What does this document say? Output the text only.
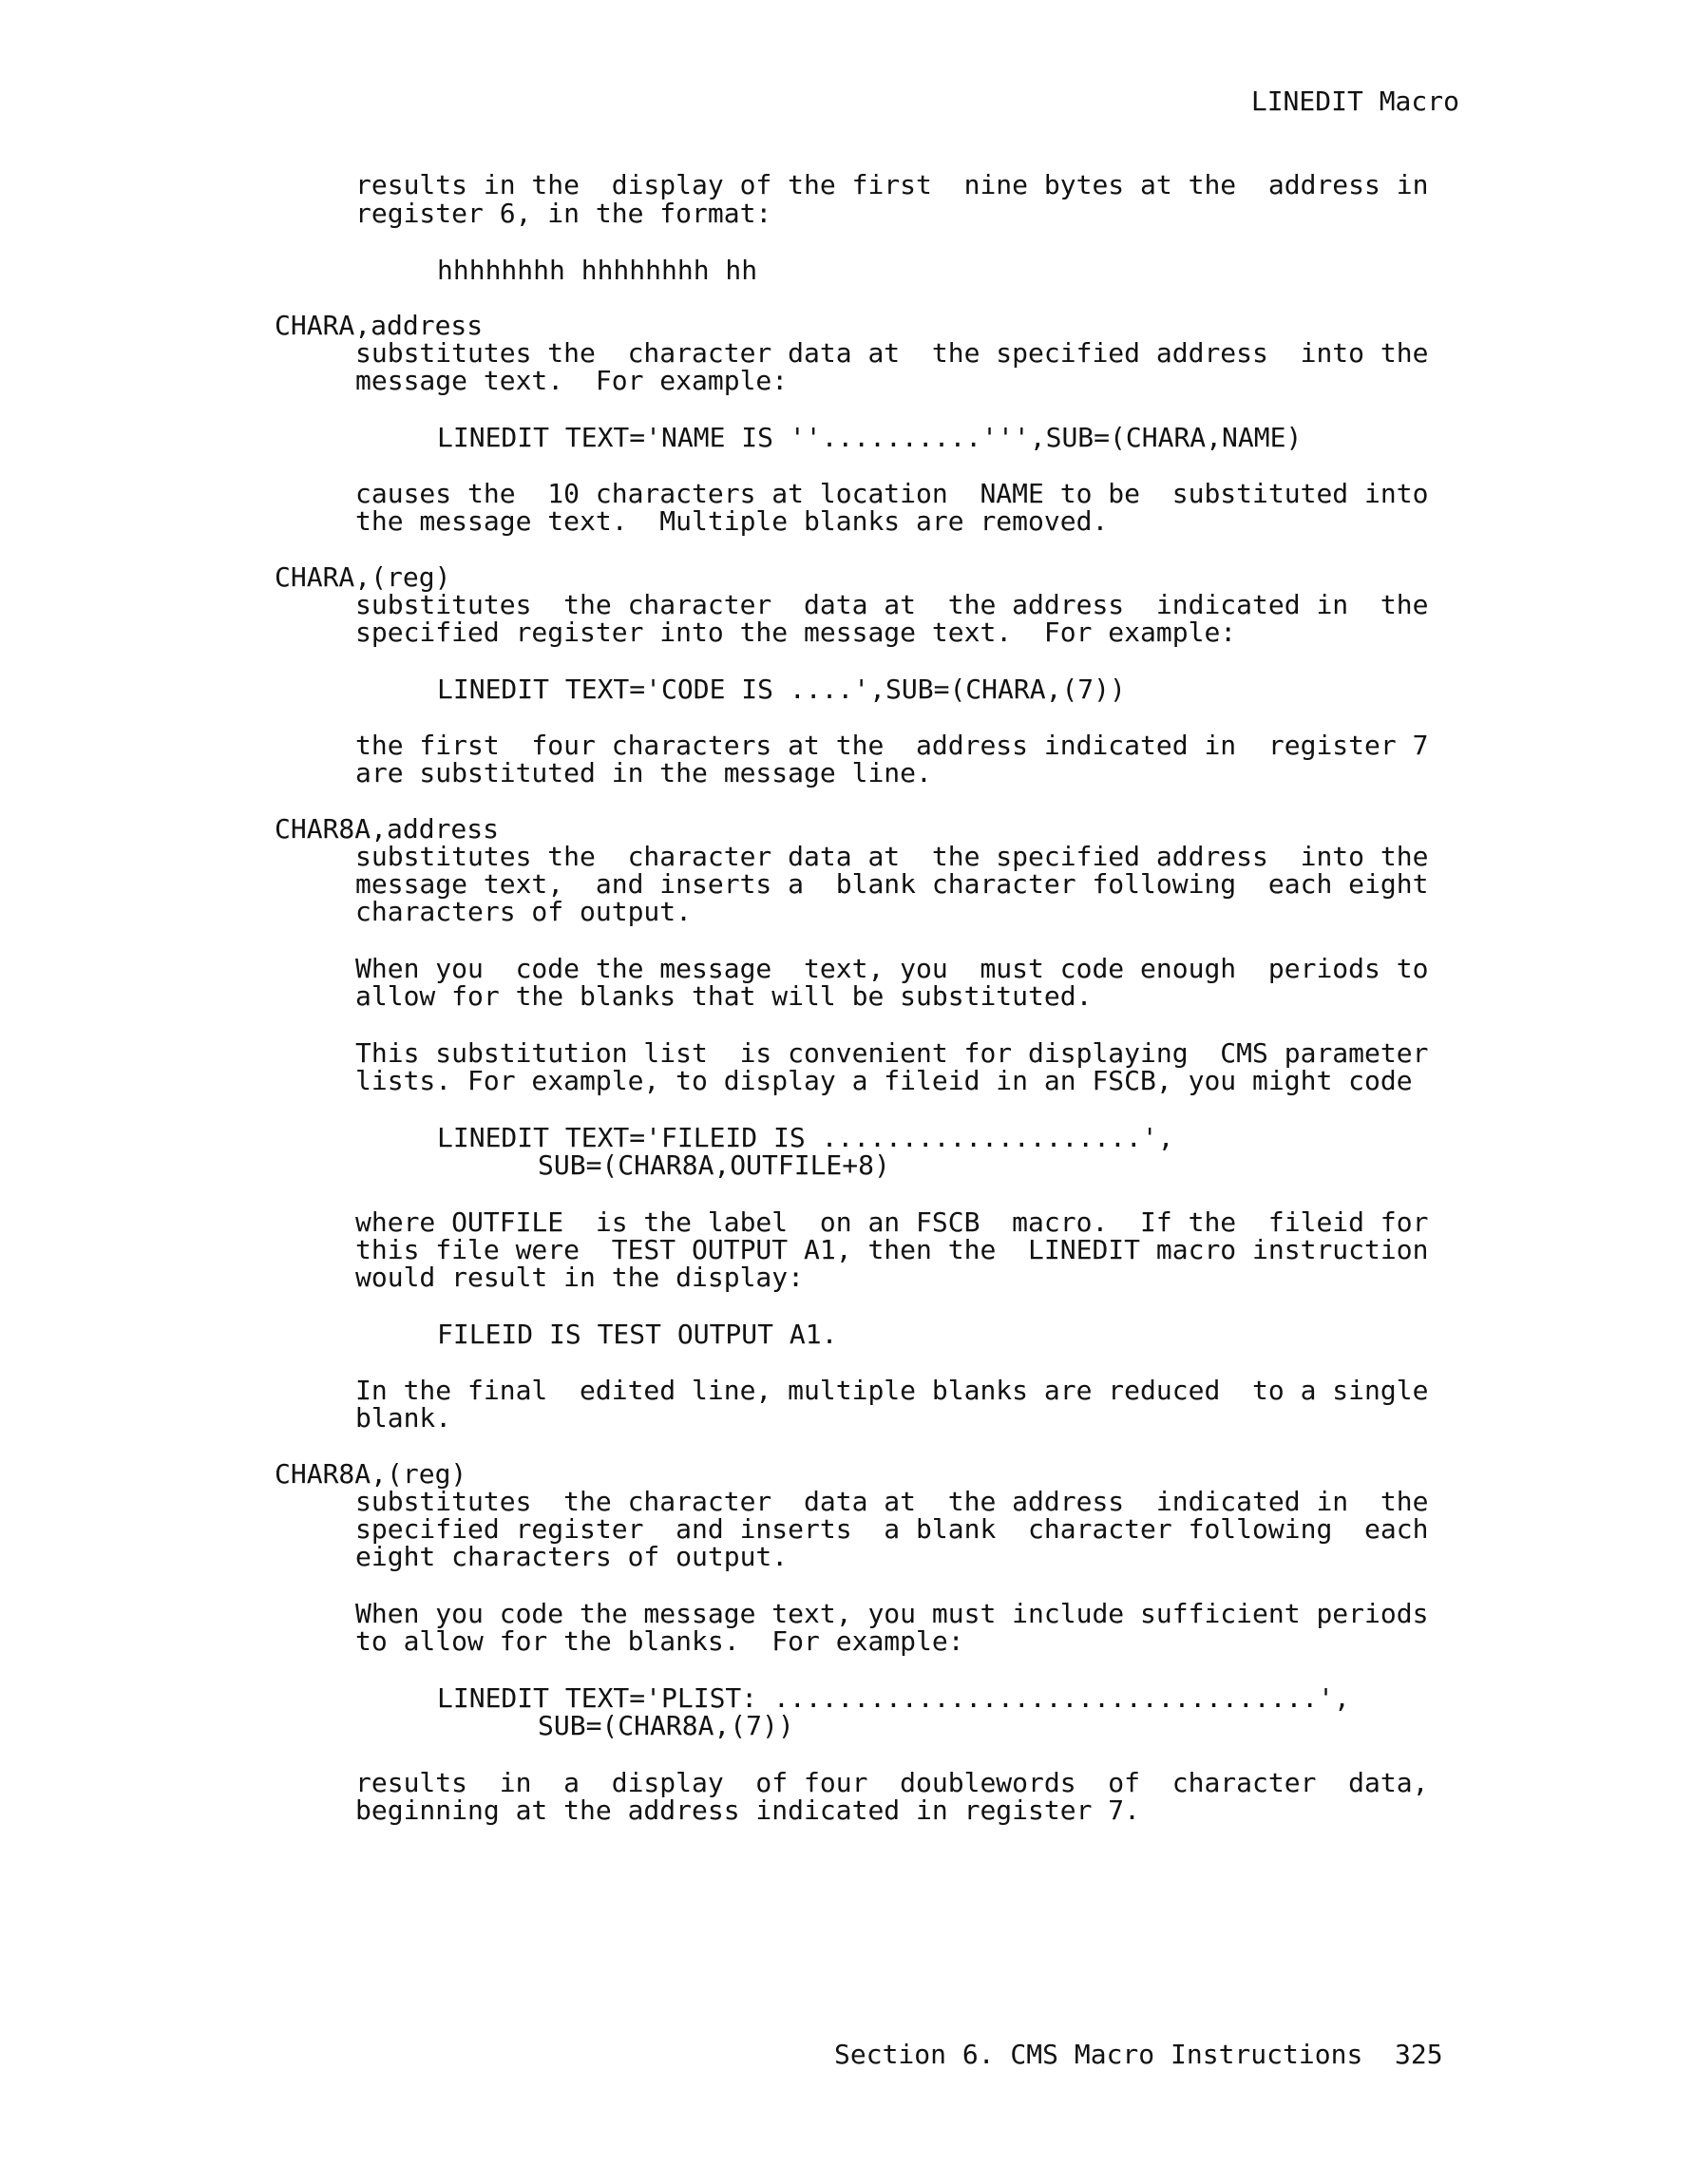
LINEDIT Macro
results in the  display of the first  nine bytes at the  address in
register 6, in the format:
hhhhhhhh hhhhhhhh hh
CHARA,address
substitutes the  character data at  the specified address  into the
message text.  For example:
LINEDIT TEXT='NAME IS ''..........''',SUB=(CHARA,NAME)
causes the  10 characters at location  NAME to be  substituted into
the message text.  Multiple blanks are removed.
CHARA,(reg)
substitutes  the character  data at  the address  indicated in  the
specified register into the message text.  For example:
LINEDIT TEXT='CODE IS ....',SUB=(CHARA,(7))
the first  four characters at the  address indicated in  register 7
are substituted in the message line.
CHAR8A,address
substitutes the  character data at  the specified address  into the
message text,  and inserts a  blank character following  each eight
characters of output.
When you  code the message  text, you  must code enough  periods to
allow for the blanks that will be substituted.
This substitution list  is convenient for displaying  CMS parameter
lists. For example, to display a fileid in an FSCB, you might code
LINEDIT TEXT='FILEID IS ....................',
SUB=(CHAR8A,OUTFILE+8)
where OUTFILE  is the label  on an FSCB  macro.  If the  fileid for
this file were  TEST OUTPUT A1, then the  LINEDIT macro instruction
would result in the display:
FILEID IS TEST OUTPUT A1.
In the final  edited line, multiple blanks are reduced  to a single
blank.
CHAR8A,(reg)
substitutes  the character  data at  the address  indicated in  the
specified register  and inserts  a blank  character following  each
eight characters of output.
When you code the message text, you must include sufficient periods
to allow for the blanks.  For example:
LINEDIT TEXT='PLIST: ..................................',
SUB=(CHAR8A,(7))
results  in  a  display  of four  doublewords  of  character  data,
beginning at the address indicated in register 7.
Section 6. CMS Macro Instructions  325
